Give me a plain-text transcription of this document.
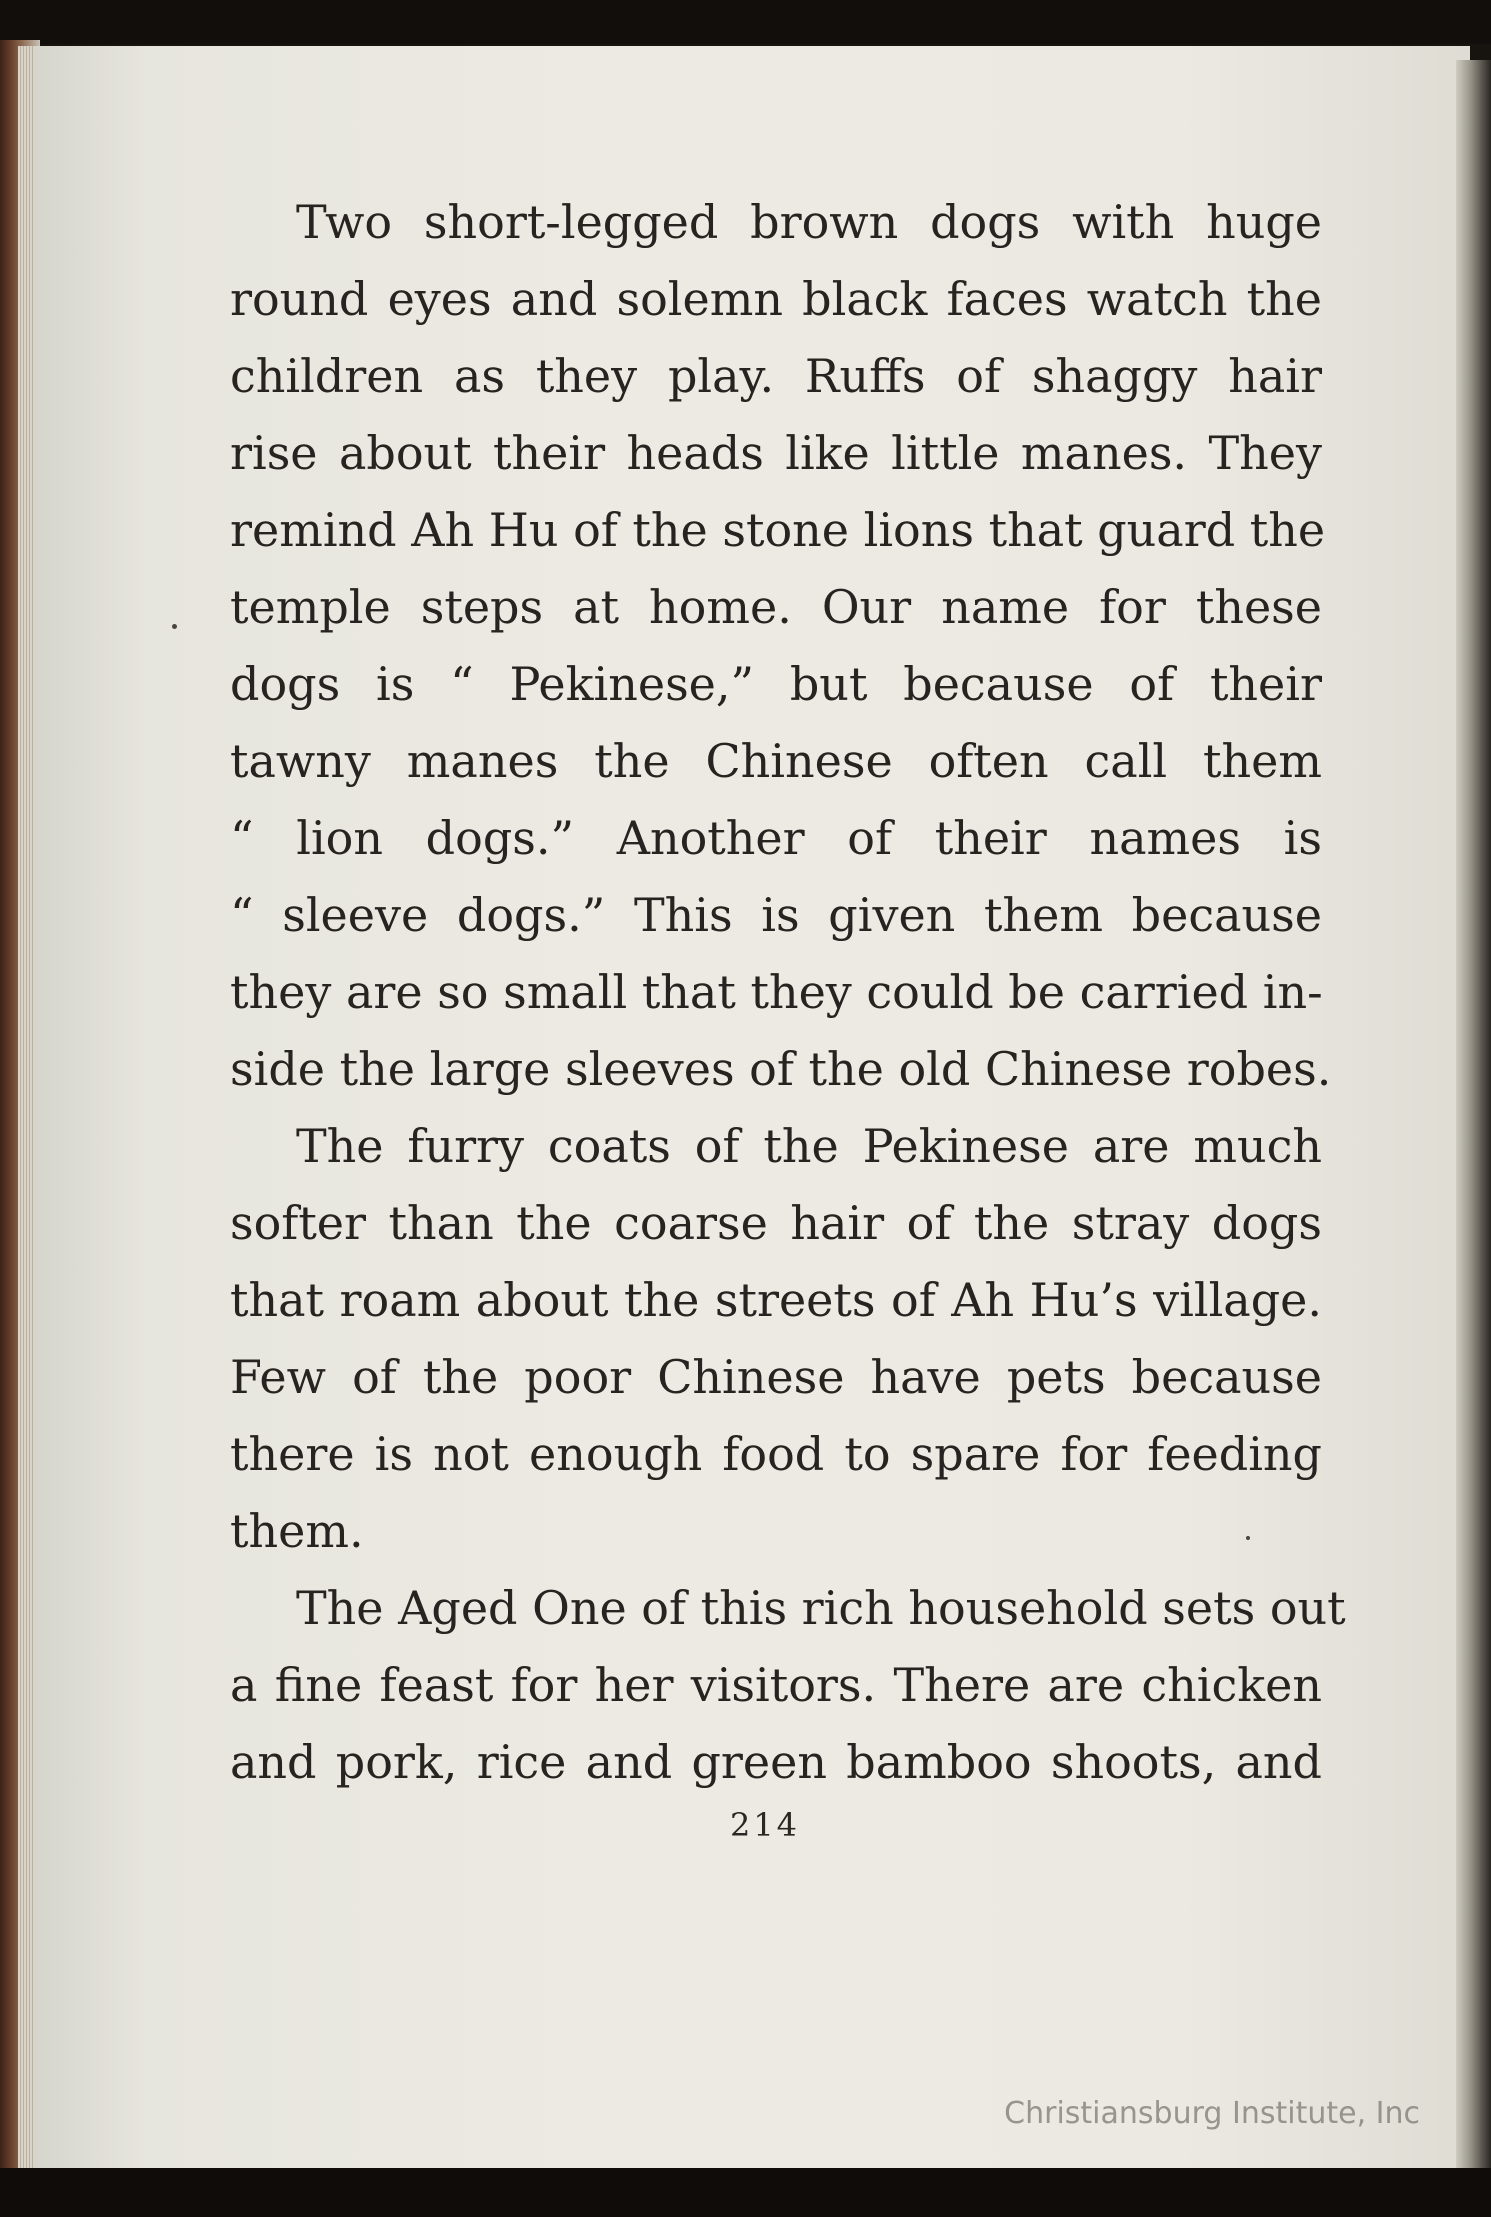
Two short-legged brown dogs with huge
round eyes and solemn black faces watch the
children as they play. Ruffs of shaggy hair
rise about their heads like little manes. They
remind Ah Hu of the stone lions that guard the
temple steps at home. Our name for these
dogs is “ Pekinese,” but because of their
tawny manes the Chinese often call them
“ lion dogs.” Another of their names is
“ sleeve dogs.” This is given them because
they are so small that they could be carried in-
side the large sleeves of the old Chinese robes.
The furry coats of the Pekinese are much
softer than the coarse hair of the stray dogs
that roam about the streets of Ah Hu’s village.
Few of the poor Chinese have pets because
there is not enough food to spare for feeding
them.
The Aged One of this rich household sets out
a fine feast for her visitors. There are chicken
and pork, rice and green bamboo shoots, and
214
Christiansburg Institute, Inc
